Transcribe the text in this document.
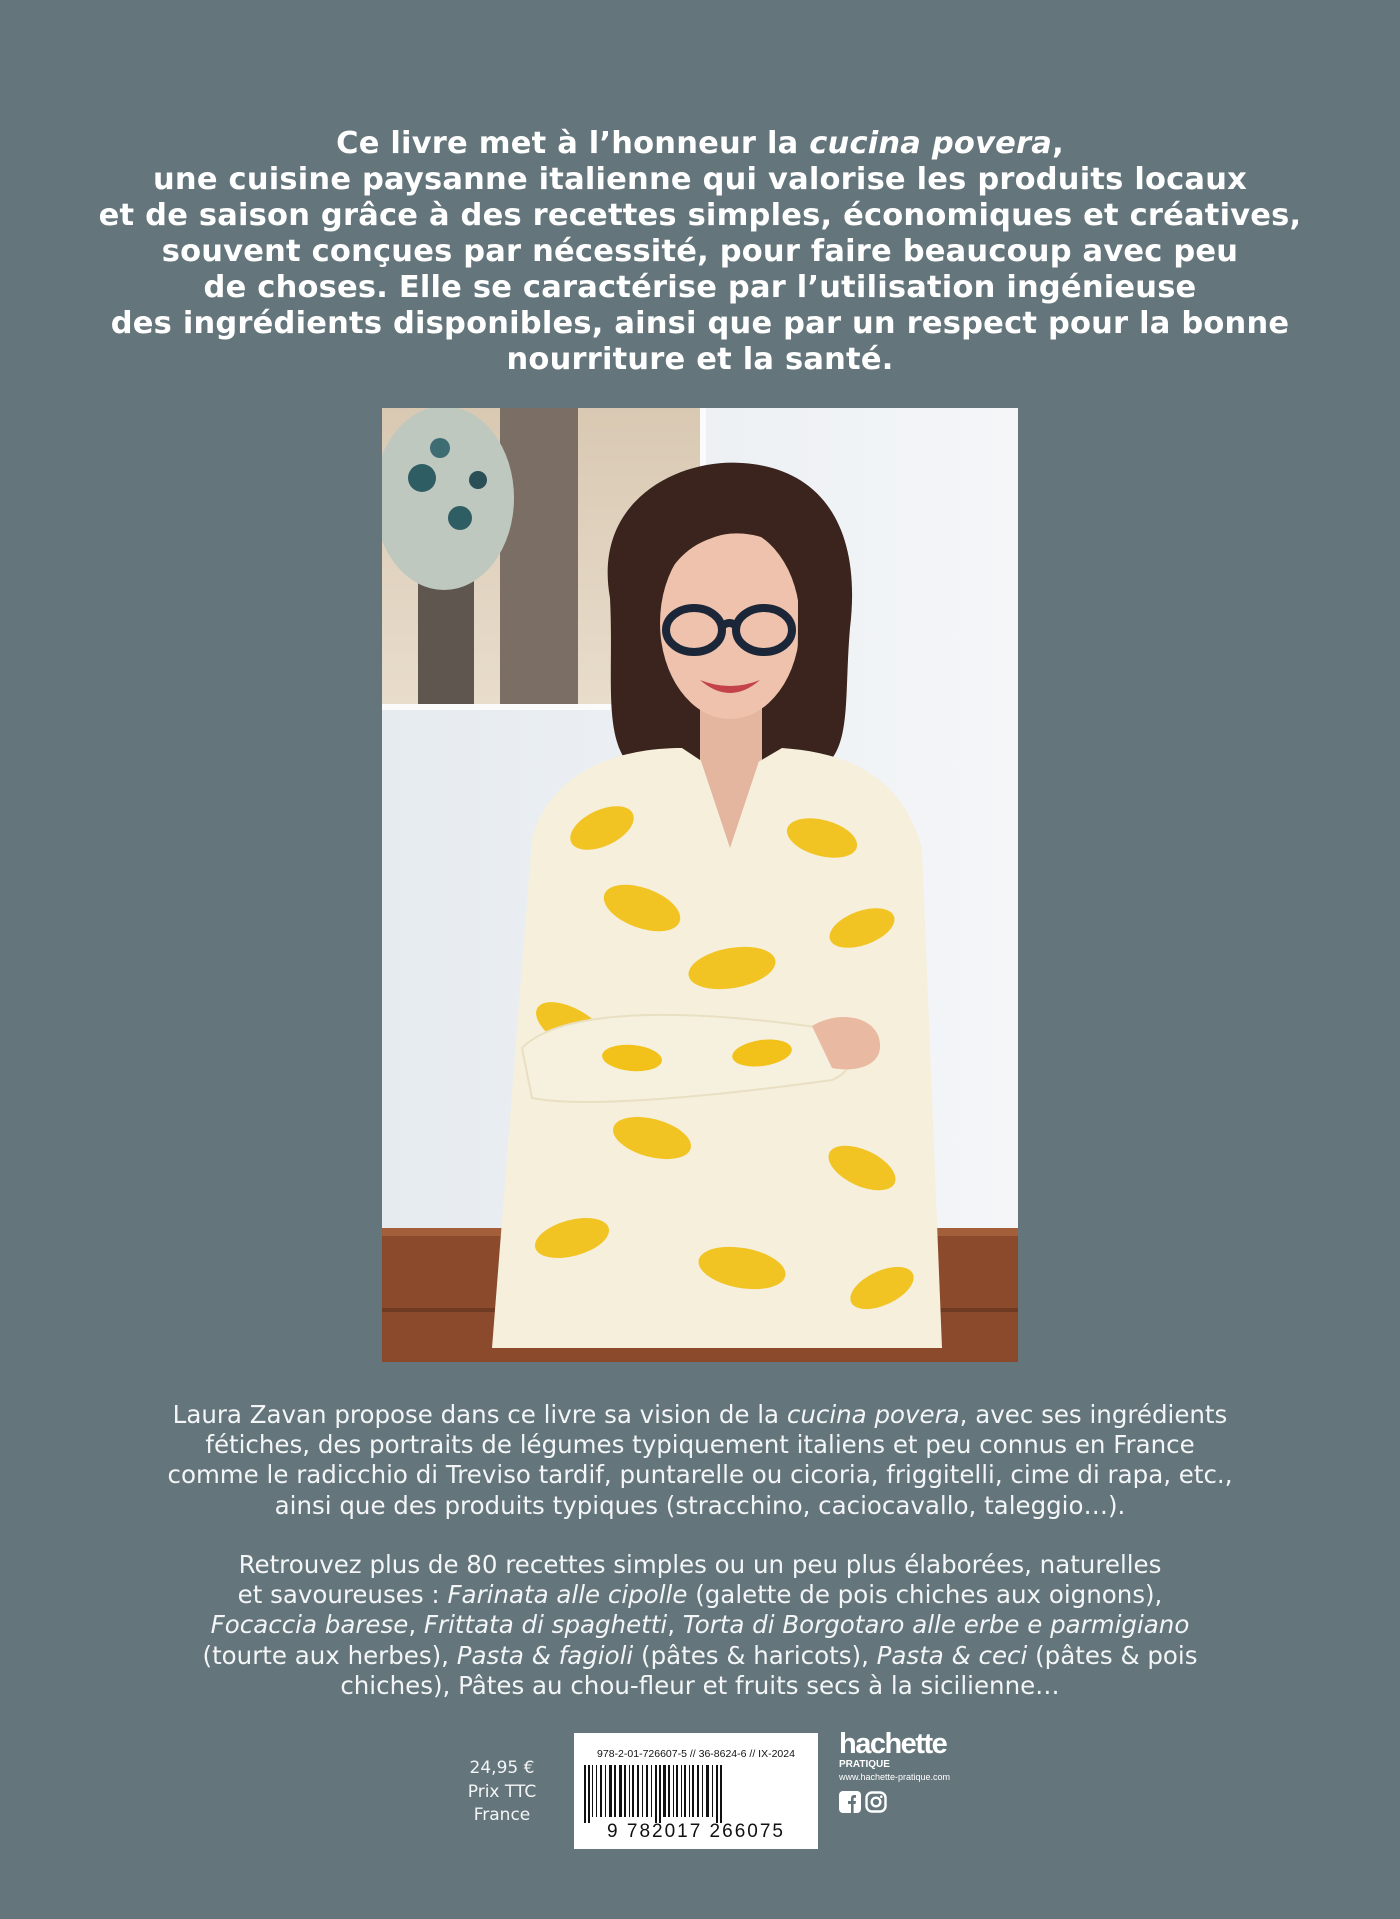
Ce livre met à l’honneur la cucina povera,
une cuisine paysanne italienne qui valorise les produits locaux
et de saison grâce à des recettes simples, économiques et créatives,
souvent conçues par nécessité, pour faire beaucoup avec peu
de choses. Elle se caractérise par l’utilisation ingénieuse
des ingrédients disponibles, ainsi que par un respect pour la bonne
nourriture et la santé.
Laura Zavan propose dans ce livre sa vision de la cucina povera, avec ses ingrédients
fétiches, des portraits de légumes typiquement italiens et peu connus en France
comme le radicchio di Treviso tardif, puntarelle ou cicoria, friggitelli, cime di rapa, etc.,
ainsi que des produits typiques (stracchino, caciocavallo, taleggio…).
Retrouvez plus de 80 recettes simples ou un peu plus élaborées, naturelles
et savoureuses : Farinata alle cipolle (galette de pois chiches aux oignons),
Focaccia barese, Frittata di spaghetti, Torta di Borgotaro alle erbe e parmigiano
(tourte aux herbes), Pasta & fagioli (pâtes & haricots), Pasta & ceci (pâtes & pois
chiches), Pâtes au chou-fleur et fruits secs à la sicilienne…
24,95 €
Prix TTC
France
978-2-01-726607-5 // 36-8624-6 // IX-2024
9 782017 266075
hachette
PRATIQUE
www.hachette-pratique.com
